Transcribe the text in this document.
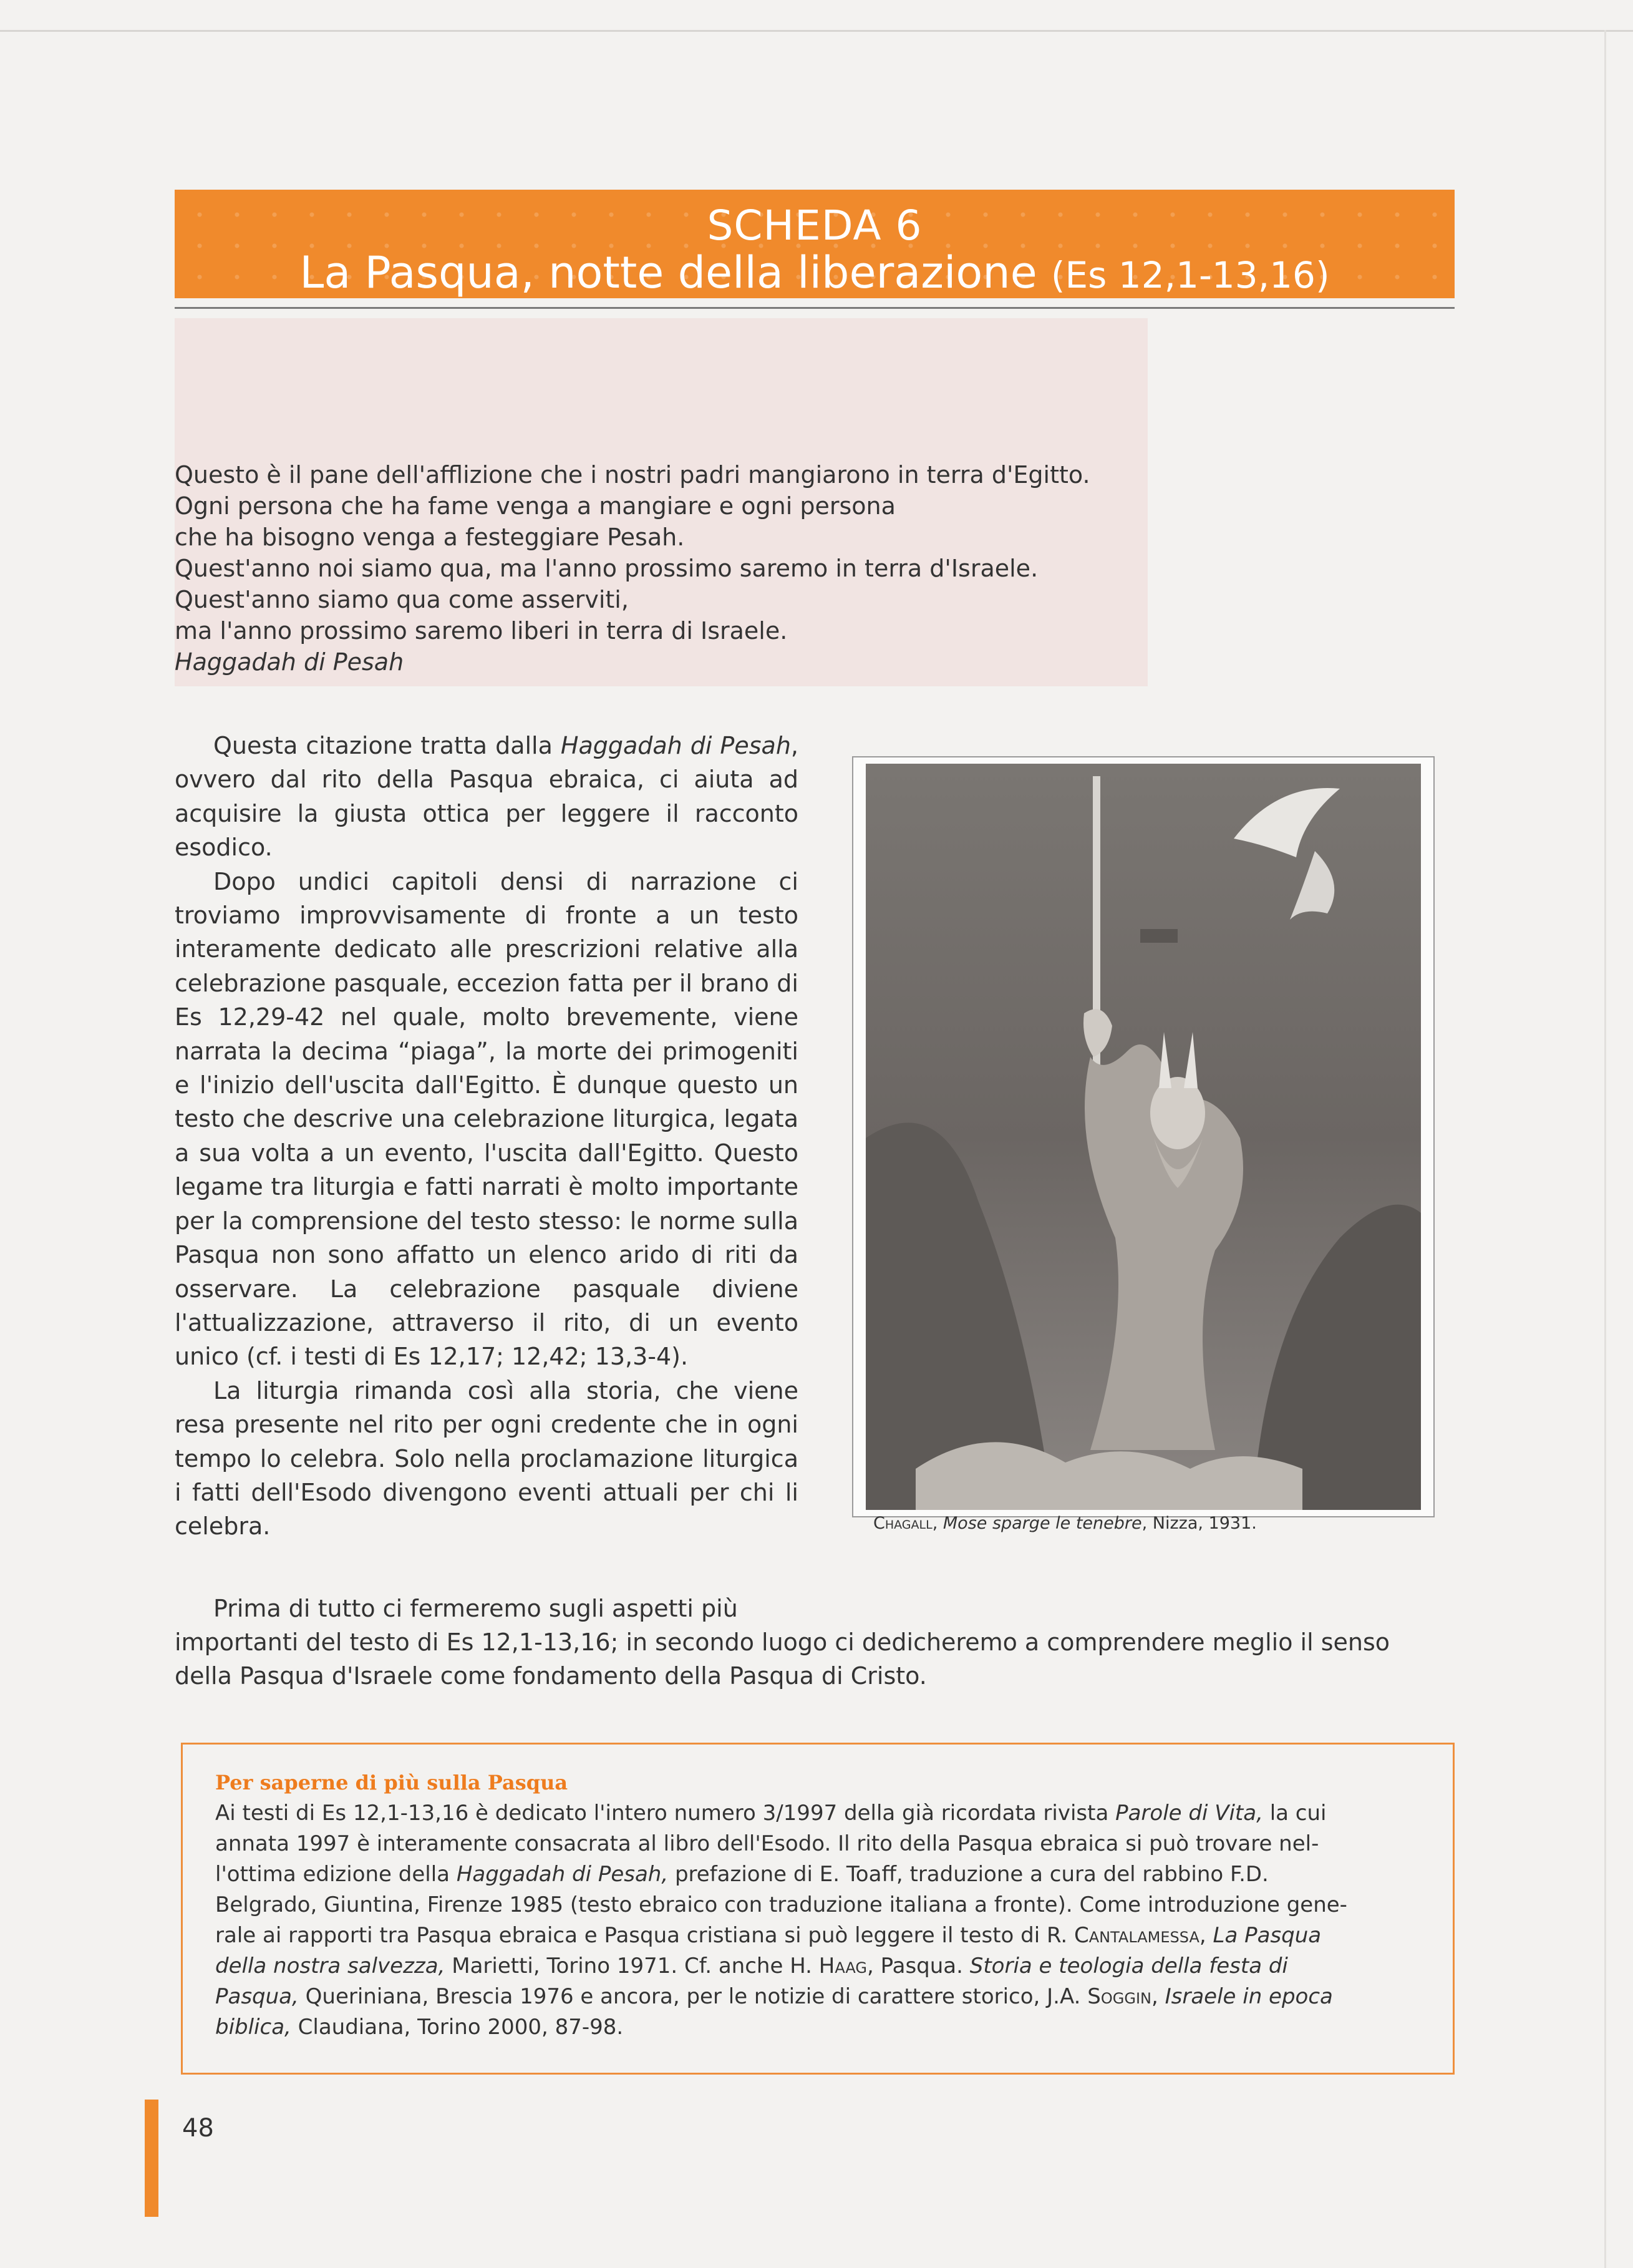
SCHEDA 6
La Pasqua, notte della liberazione (Es 12,1-13,16)
Questo è il pane dell'afflizione che i nostri padri mangiarono in terra d'Egitto.
Ogni persona che ha fame venga a mangiare e ogni persona
che ha bisogno venga a festeggiare Pesah.
Quest'anno noi siamo qua, ma l'anno prossimo saremo in terra d'Israele.
Quest'anno siamo qua come asserviti,
ma l'anno prossimo saremo liberi in terra di Israele.
Haggadah di Pesah

Questa citazione tratta dalla Haggadah di Pesah, ovvero dal rito della Pasqua ebraica, ci aiuta ad acquisire la giusta ottica per leggere il racconto esodico.

Dopo undici capitoli densi di narrazione ci troviamo improvvisamente di fronte a un testo interamente dedicato alle prescrizioni relative alla celebrazione pasquale, eccezion fatta per il brano di Es 12,29-42 nel quale, molto brevemente, viene narrata la decima “piaga”, la morte dei primogeniti e l'inizio dell'uscita dall'Egitto. È dunque questo un testo che descrive una celebrazione liturgica, legata a sua volta a un evento, l'uscita dall'Egitto. Questo legame tra liturgia e fatti narrati è molto importante per la comprensione del testo stesso: le norme sulla Pasqua non sono affatto un elenco arido di riti da osservare. La celebrazione pasquale diviene l'attualizzazione, attraverso il rito, di un evento unico (cf. i testi di Es 12,17; 12,42; 13,3-4).

La liturgia rimanda così alla storia, che viene resa presente nel rito per ogni credente che in ogni tempo lo celebra. Solo nella proclamazione liturgica i fatti dell'Esodo divengono eventi attuali per chi li celebra.

Prima di tutto ci fermeremo sugli aspetti più
importanti del testo di Es 12,1-13,16; in secondo luogo ci dedicheremo a comprendere meglio il senso
della Pasqua d'Israele come fondamento della Pasqua di Cristo.
Chagall, Mose sparge le tenebre, Nizza, 1931.
Per saperne di più sulla Pasqua
Ai testi di Es 12,1-13,16 è dedicato l'intero numero 3/1997 della già ricordata rivista Parole di Vita, la cui
annata 1997 è interamente consacrata al libro dell'Esodo. Il rito della Pasqua ebraica si può trovare nel-
l'ottima edizione della Haggadah di Pesah, prefazione di E. Toaff, traduzione a cura del rabbino F.D.
Belgrado, Giuntina, Firenze 1985 (testo ebraico con traduzione italiana a fronte). Come introduzione gene-
rale ai rapporti tra Pasqua ebraica e Pasqua cristiana si può leggere il testo di R. Cantalamessa, La Pasqua
della nostra salvezza, Marietti, Torino 1971. Cf. anche H. Haag, Pasqua. Storia e teologia della festa di
Pasqua, Queriniana, Brescia 1976 e ancora, per le notizie di carattere storico, J.A. Soggin, Israele in epoca
biblica, Claudiana, Torino 2000, 87-98.
48
